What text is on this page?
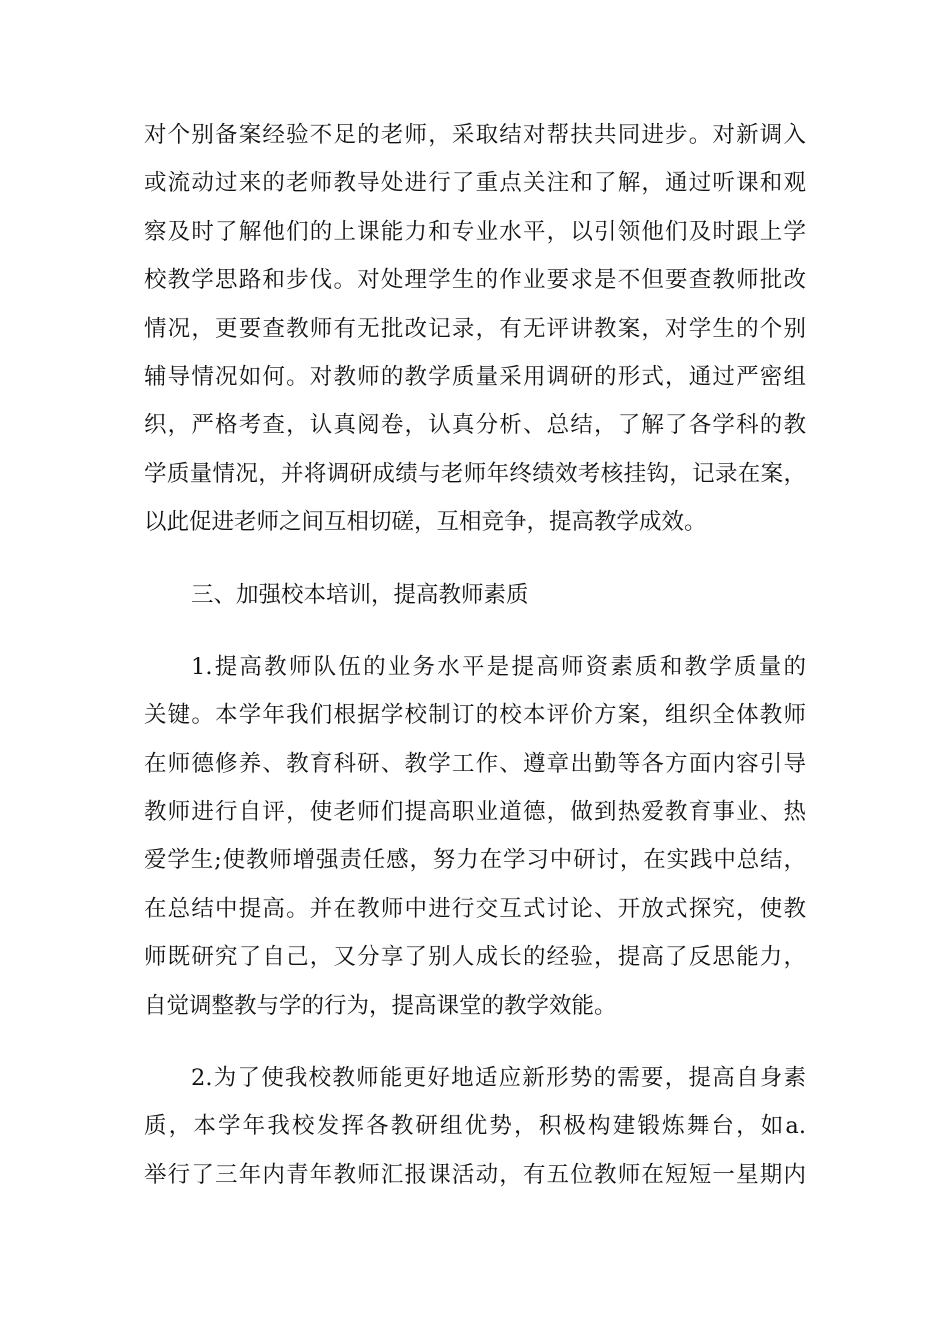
对个别备案经验不足的老师，采取结对帮扶共同进步。对新调入
或流动过来的老师教导处进行了重点关注和了解，通过听课和观
察及时了解他们的上课能力和专业水平，以引领他们及时跟上学
校教学思路和步伐。对处理学生的作业要求是不但要查教师批改
情况，更要查教师有无批改记录，有无评讲教案，对学生的个别
辅导情况如何。对教师的教学质量采用调研的形式，通过严密组
织，严格考查，认真阅卷，认真分析、总结，了解了各学科的教
学质量情况，并将调研成绩与老师年终绩效考核挂钩，记录在案，
以此促进老师之间互相切磋，互相竞争，提高教学成效。
三、加强校本培训，提高教师素质
1.提高教师队伍的业务水平是提高师资素质和教学质量的
关键。本学年我们根据学校制订的校本评价方案，组织全体教师
在师德修养、教育科研、教学工作、遵章出勤等各方面内容引导
教师进行自评，使老师们提高职业道德，做到热爱教育事业、热
爱学生;使教师增强责任感，努力在学习中研讨，在实践中总结，
在总结中提高。并在教师中进行交互式讨论、开放式探究，使教
师既研究了自己，又分享了别人成长的经验，提高了反思能力，
自觉调整教与学的行为，提高课堂的教学效能。
2.为了使我校教师能更好地适应新形势的需要，提高自身素
质，本学年我校发挥各教研组优势，积极构建锻炼舞台，如a.
举行了三年内青年教师汇报课活动，有五位教师在短短一星期内
